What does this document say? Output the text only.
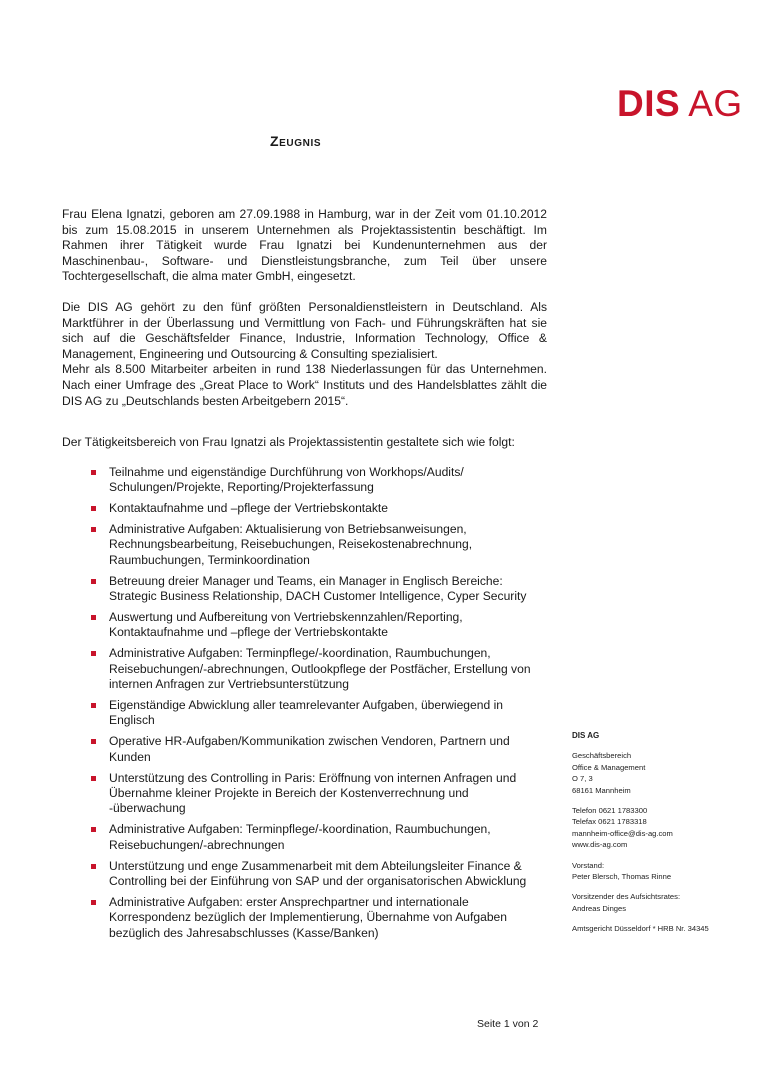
DIS AG
Zeugnis

Frau Elena Ignatzi, geboren am 27.09.1988 in Hamburg, war in der Zeit vom 01.10.2012 bis zum 15.08.2015 in unserem Unternehmen als Projektassistentin beschäftigt. Im Rahmen ihrer Tätigkeit wurde Frau Ignatzi bei Kundenunternehmen aus der Maschinenbau-, Software- und Dienstleistungsbranche, zum Teil über unsere Tochtergesellschaft, die alma mater GmbH, eingesetzt.

Die DIS AG gehört zu den fünf größten Personaldienstleistern in Deutschland. Als Marktführer in der Überlassung und Vermittlung von Fach- und Führungskräften hat sie sich auf die Geschäftsfelder Finance, Industrie, Information Technology, Office & Management, Engineering und Outsourcing & Consulting spezialisiert.

Mehr als 8.500 Mitarbeiter arbeiten in rund 138 Niederlassungen für das Unternehmen. Nach einer Umfrage des „Great Place to Work“ Instituts und des Handelsblattes zählt die DIS AG zu „Deutschlands besten Arbeitgebern 2015“.

Der Tätigkeitsbereich von Frau Ignatzi als Projektassistentin gestaltete sich wie folgt:

Teilnahme und eigenständige Durchführung von Workhops/Audits/ Schulungen/Projekte, Reporting/Projekterfassung
Kontaktaufnahme und –pflege der Vertriebskontakte
Administrative Aufgaben: Aktualisierung von Betriebsanweisungen, Rechnungsbearbeitung, Reisebuchungen, Reisekostenabrechnung, Raumbuchungen, Terminkoordination
Betreuung dreier Manager und Teams, ein Manager in Englisch Bereiche: Strategic Business Relationship, DACH Customer Intelligence, Cyper Security
Auswertung und Aufbereitung von Vertriebskennzahlen/Reporting, Kontaktaufnahme und –pflege der Vertriebskontakte
Administrative Aufgaben: Terminpflege/-koordination, Raumbuchungen, Reisebuchungen/-abrechnungen, Outlookpflege der Postfächer, Erstellung von internen Anfragen zur Vertriebsunterstützung
Eigenständige Abwicklung aller teamrelevanter Aufgaben, überwiegend in Englisch
Operative HR-Aufgaben/Kommunikation zwischen Vendoren, Partnern und Kunden
Unterstützung des Controlling in Paris: Eröffnung von internen Anfragen und Übernahme kleiner Projekte in Bereich der Kostenverrechnung und -überwachung
Administrative Aufgaben: Terminpflege/-koordination, Raumbuchungen, Reisebuchungen/-abrechnungen
Unterstützung und enge Zusammenarbeit mit dem Abteilungsleiter Finance & Controlling bei der Einführung von SAP und der organisatorischen Abwicklung
Administrative Aufgaben: erster Ansprechpartner und internationale Korrespondenz bezüglich der Implementierung, Übernahme von Aufgaben bezüglich des Jahresabschlusses (Kasse/Banken)
DIS AG
Geschäftsbereich
Office & Management
O 7, 3
68161 Mannheim
Telefon 0621 1783300
Telefax 0621 1783318
mannheim-office@dis-ag.com
www.dis-ag.com
Vorstand:
Peter Blersch, Thomas Rinne
Vorsitzender des Aufsichtsrates:
Andreas Dinges
Amtsgericht Düsseldorf * HRB Nr. 34345
Seite 1 von 2
